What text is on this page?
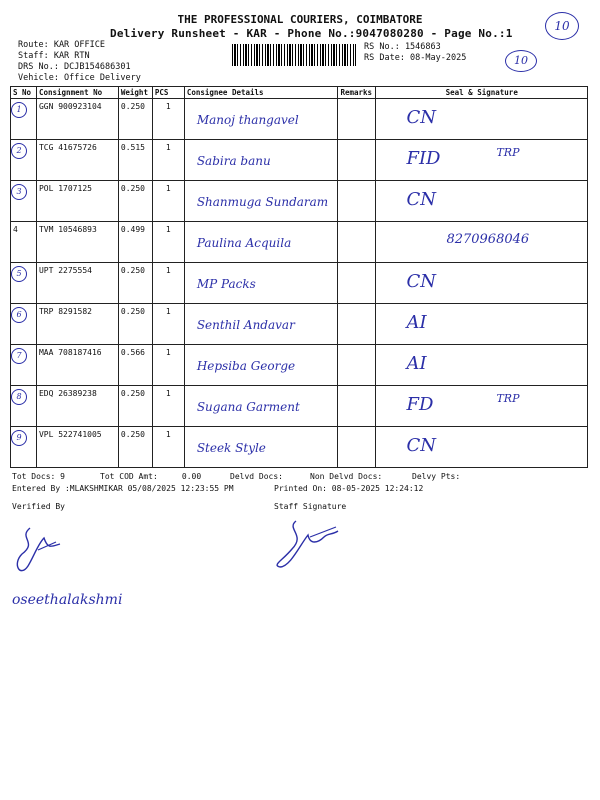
THE PROFESSIONAL COURIERS, COIMBATORE
Delivery Runsheet - KAR - Phone No.:9047080280 - Page No.:1
10
Route: KAR OFFICE
Staff: KAR RTN
DRS No.: DCJB154686301
Vehicle: Office Delivery
RS No.: 1546863
RS Date: 08-May-2025	10
S No	Consignment No	Weight	PCS	Consignee Details	Remarks	Seal & Signature
1	GGN 900923104	0.250	1	Manoj thangavel		CN

2	TCG 41675726	0.515	1	Sabira banu		FID TRP

3	POL 1707125	0.250	1	Shanmuga Sundaram		CN

4	TVM 10546893	0.499	1	Paulina Acquila		8270968046

5	UPT 2275554	0.250	1	MP Packs		CN

6	TRP 8291582	0.250	1	Senthil Andavar		AI

7	MAA 708187416	0.566	1	Hepsiba George		AI

8	EDQ 26389238	0.250	1	Sugana Garment		FD TRP

9	VPL 522741005	0.250	1	Steek Style		CN
Tot Docs: 9	Tot COD Amt:     0.00	Delvd Docs:	Non Delvd Docs:	Delvy Pts:
Entered By :MLAKSHMIKAR 05/08/2025 12:23:55 PM	Printed On: 08-05-2025 12:24:12
Verified By	Staff Signature
oseethalakshmi
